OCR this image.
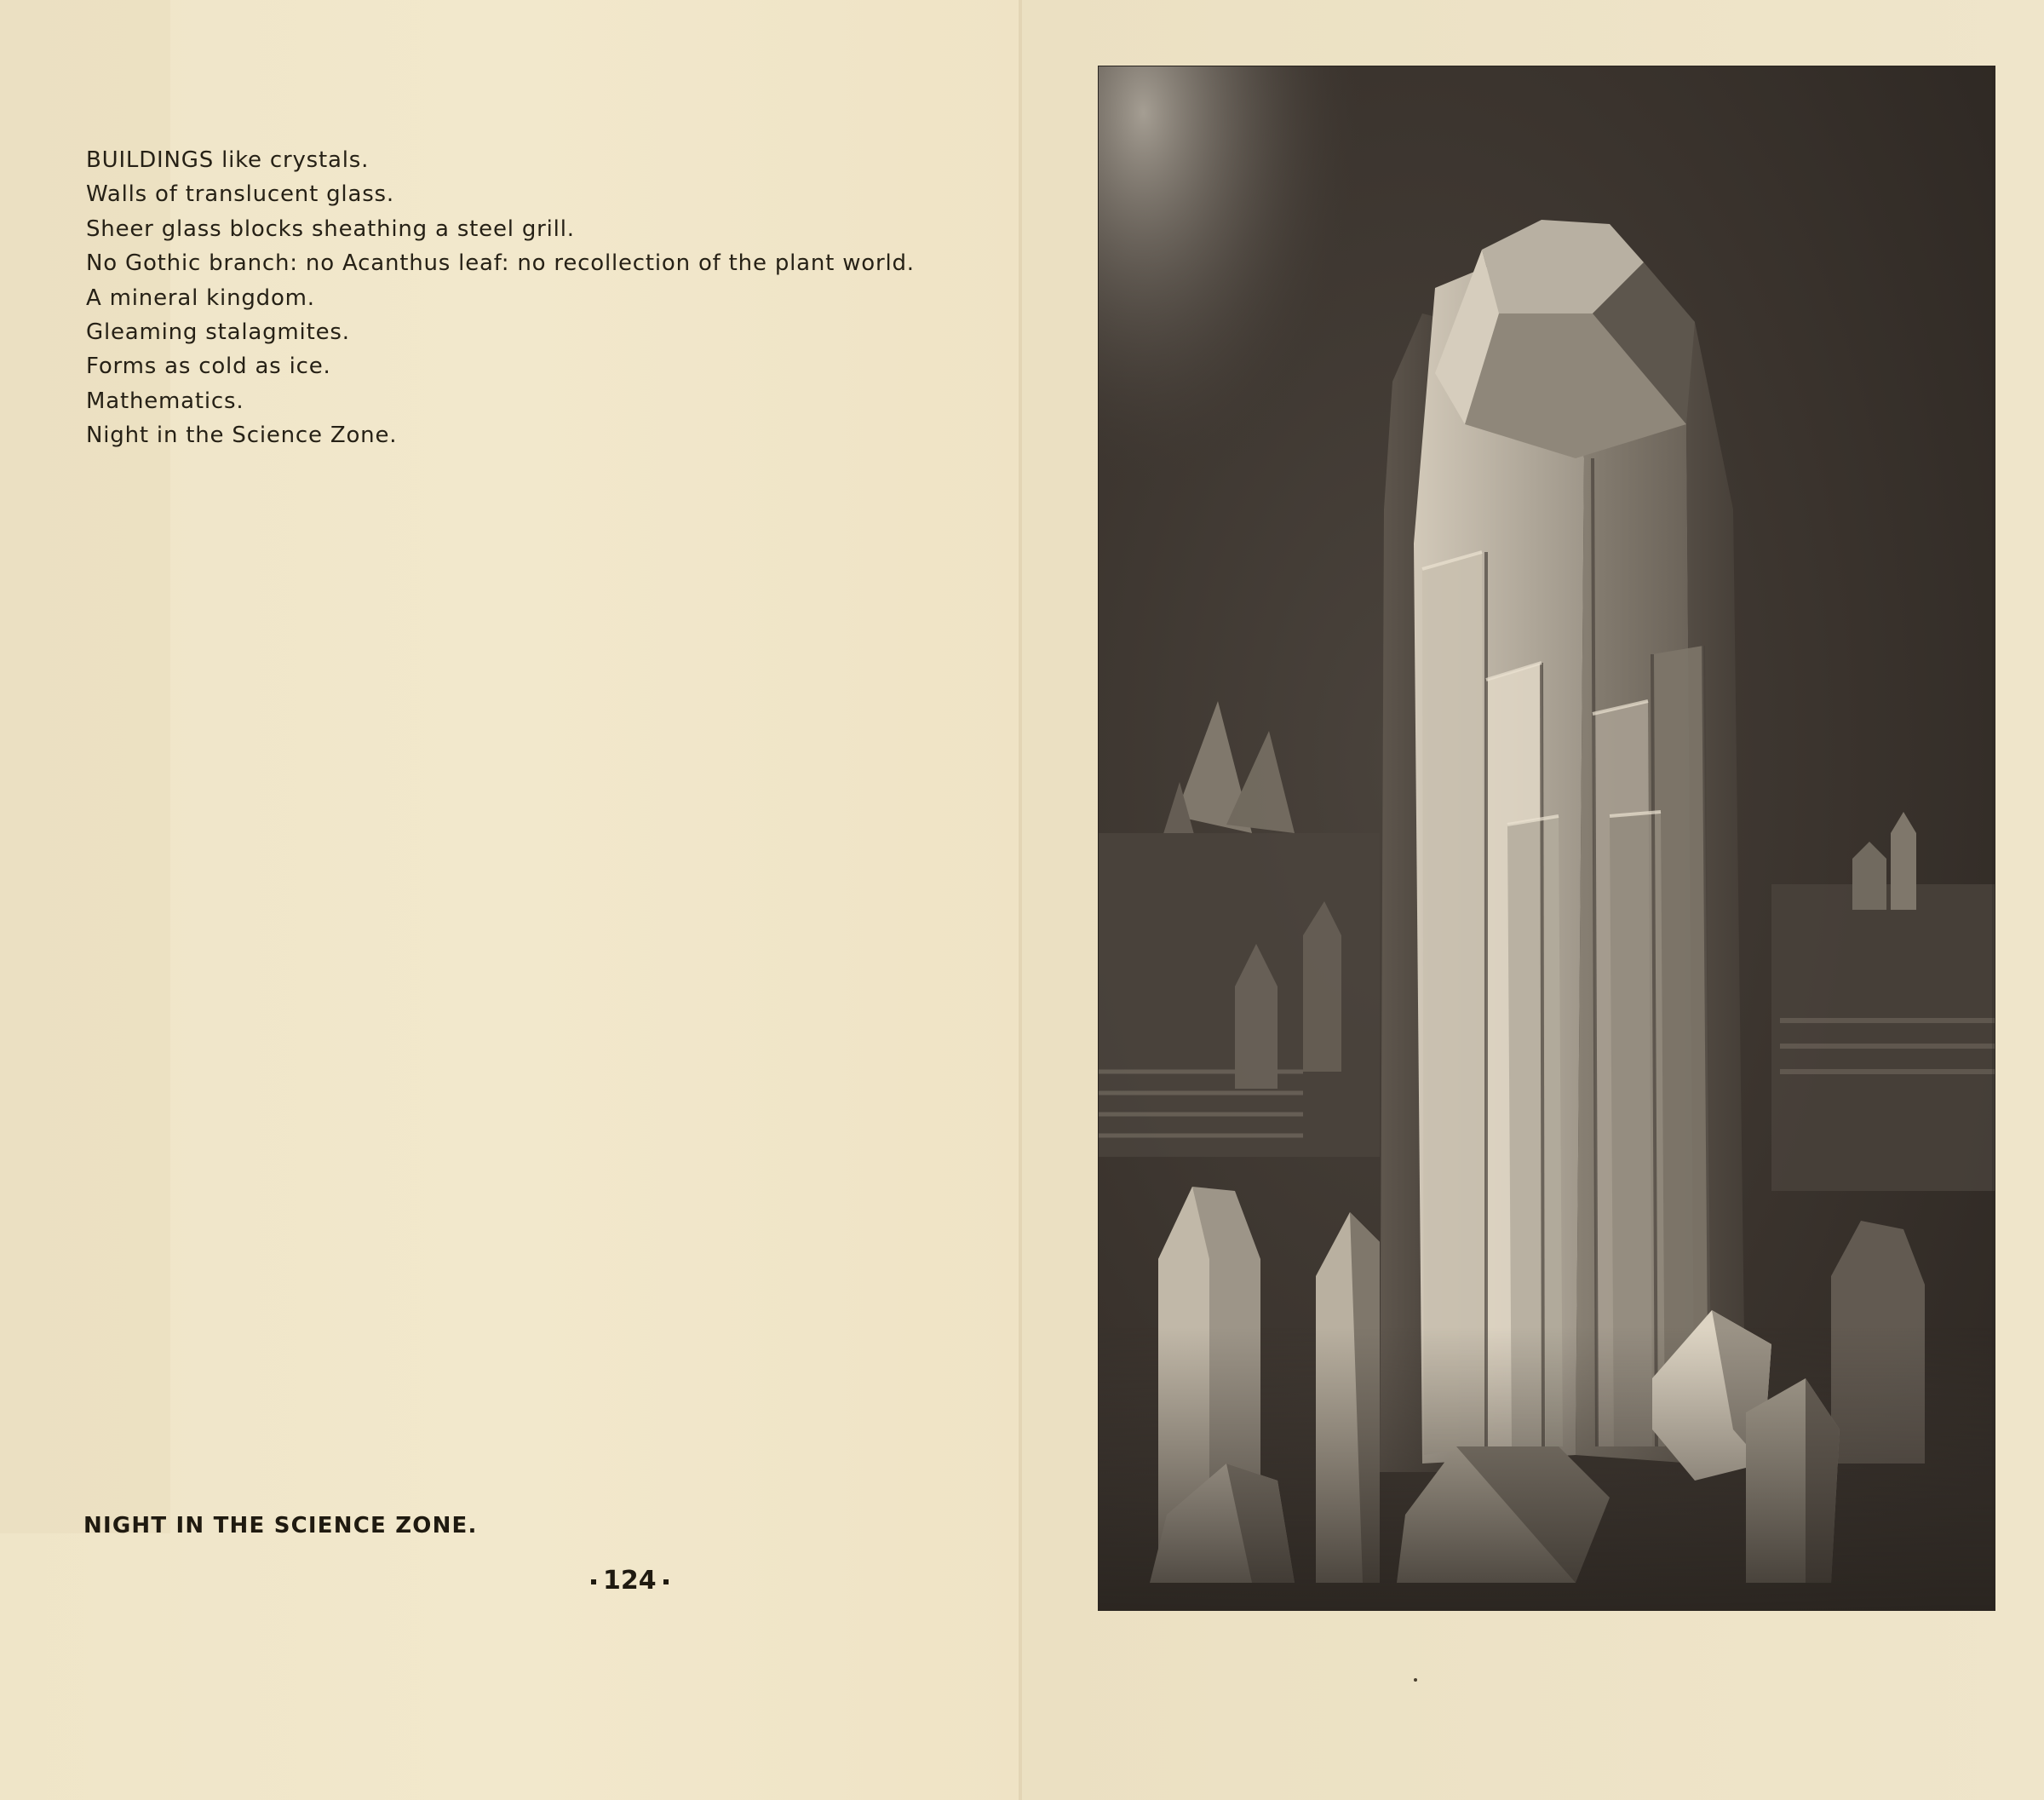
BUILDINGS like crystals.
Walls of translucent glass.
Sheer glass blocks sheathing a steel grill.
No Gothic branch: no Acanthus leaf: no recollection of the plant world.
A mineral kingdom.
Gleaming stalagmites.
Forms as cold as ice.
Mathematics.
Night in the Science Zone.
NIGHT IN THE SCIENCE ZONE.
124
